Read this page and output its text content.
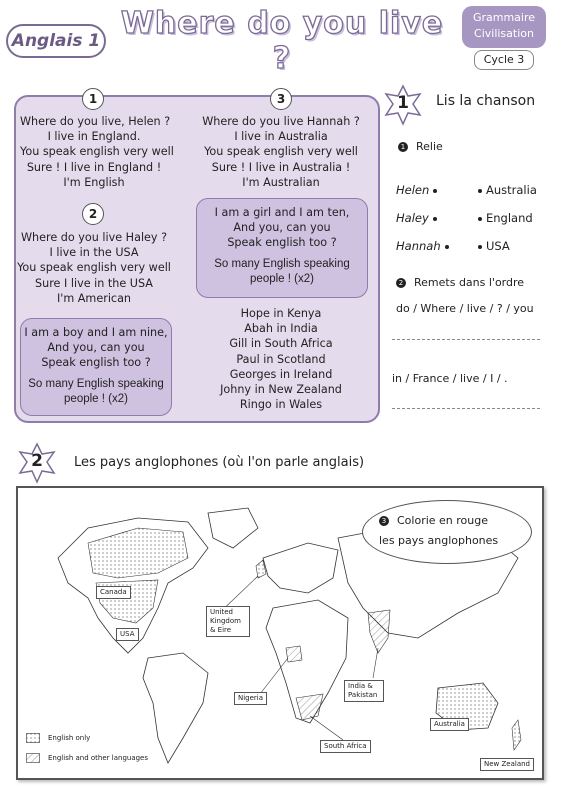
Anglais 1 Where do you live ?
Grammaire
Civilisation
Cycle 3
1
Where do you live, Helen ?
I live in England.
You speak english very well
Sure ! I live in England !
I'm English
2
Where do you live Haley ?
I live in the USA
You speak english very well
Sure I live in the USA
I'm American
3
Where do you live Hannah ?
I live in Australia
You speak english very well
Sure ! I live in Australia !
I'm Australian
I am a girl and I am ten,
And you, can you
Speak english too ?
So many English speaking
people ! (x2)
I am a boy and I am nine,
And you, can you
Speak english too ?
So many English speaking
people ! (x2)
Hope in Kenya
Abah in India
Gill in South Africa
Paul in Scotland
Georges in Ireland
Johny in New Zealand
Ringo in Wales
1	Lis la chanson
1 Relie
Helen
Haley
Hannah
Australia
England
USA
2 Remets dans l'ordre
do / Where / live / ? / you
in / France / live / I / .
2	Les pays anglophones (où l'on parle anglais)
3 Colorie en rouge
les pays anglophones
Canada
USA
United Kingdom & Eire
Nigeria
India & Pakistan
Australia
South Africa
New Zealand
English only
English and other languages
